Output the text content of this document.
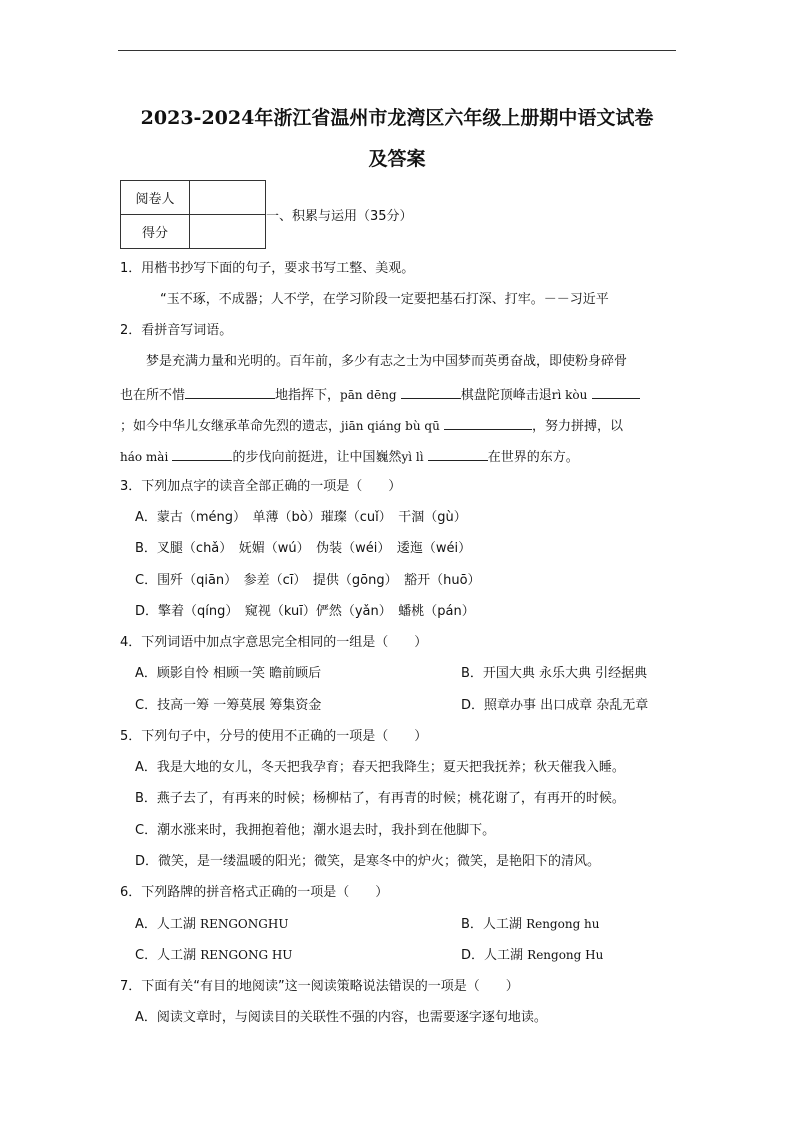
2023-2024年浙江省温州市龙湾区六年级上册期中语文试卷
及答案
阅卷人	
得分	
一、积累与运用（35分）
1．用楷书抄写下面的句子，要求书写工整、美观。
“玉不琢，不成器；人不学，在学习阶段一定要把基石打深、打牢。－－习近平
2．看拼音写词语。
梦是充满力量和光明的。百年前，多少有志之士为中国梦而英勇奋战，即使粉身碎骨
也在所不惜	地指挥下，pān dēng	棋盘陀顶峰击退rì kòu
；如今中华儿女继承革命先烈的遗志，jiān qiáng bù qū	，努力拼搏，以
háo mài	的步伐向前挺进，让中国巍然yì lì	在世界的东方。
3．下列加点字的读音全部正确的一项是（　　）
A．蒙古（méng）　单薄（bò）璀璨（cuǐ）　干涸（gù）
B．叉腿（chǎ）　妩媚（wú）　伪装（wéi）　逶迤（wéi）
C．围歼（qiān）　参差（cī）　提供（gōng）　豁开（huō）
D．擎着（qíng）　窥视（kuī）俨然（yǎn）　蟠桃（pán）
4．下列词语中加点字意思完全相同的一组是（　　）
A．顾影自怜 相顾一笑 瞻前顾后	B．开国大典 永乐大典 引经据典
C．技高一筹 一筹莫展 筹集资金	D．照章办事 出口成章 杂乱无章
5．下列句子中，分号的使用不正确的一项是（　　）
A．我是大地的女儿，冬天把我孕育；春天把我降生；夏天把我抚养；秋天催我入睡。
B．燕子去了，有再来的时候；杨柳枯了，有再青的时候；桃花谢了，有再开的时候。
C．潮水涨来时，我拥抱着他；潮水退去时，我扑到在他脚下。
D．微笑，是一缕温暖的阳光；微笑，是寒冬中的炉火；微笑，是艳阳下的清风。
6．下列路牌的拼音格式正确的一项是（　　）
A．人工湖 RENGONGHU	B．人工湖 Rengong hu
C．人工湖 RENGONG HU	D．人工湖 Rengong Hu
7．下面有关“有目的地阅读”这一阅读策略说法错误的一项是（　　）
A．阅读文章时，与阅读目的关联性不强的内容，也需要逐字逐句地读。
